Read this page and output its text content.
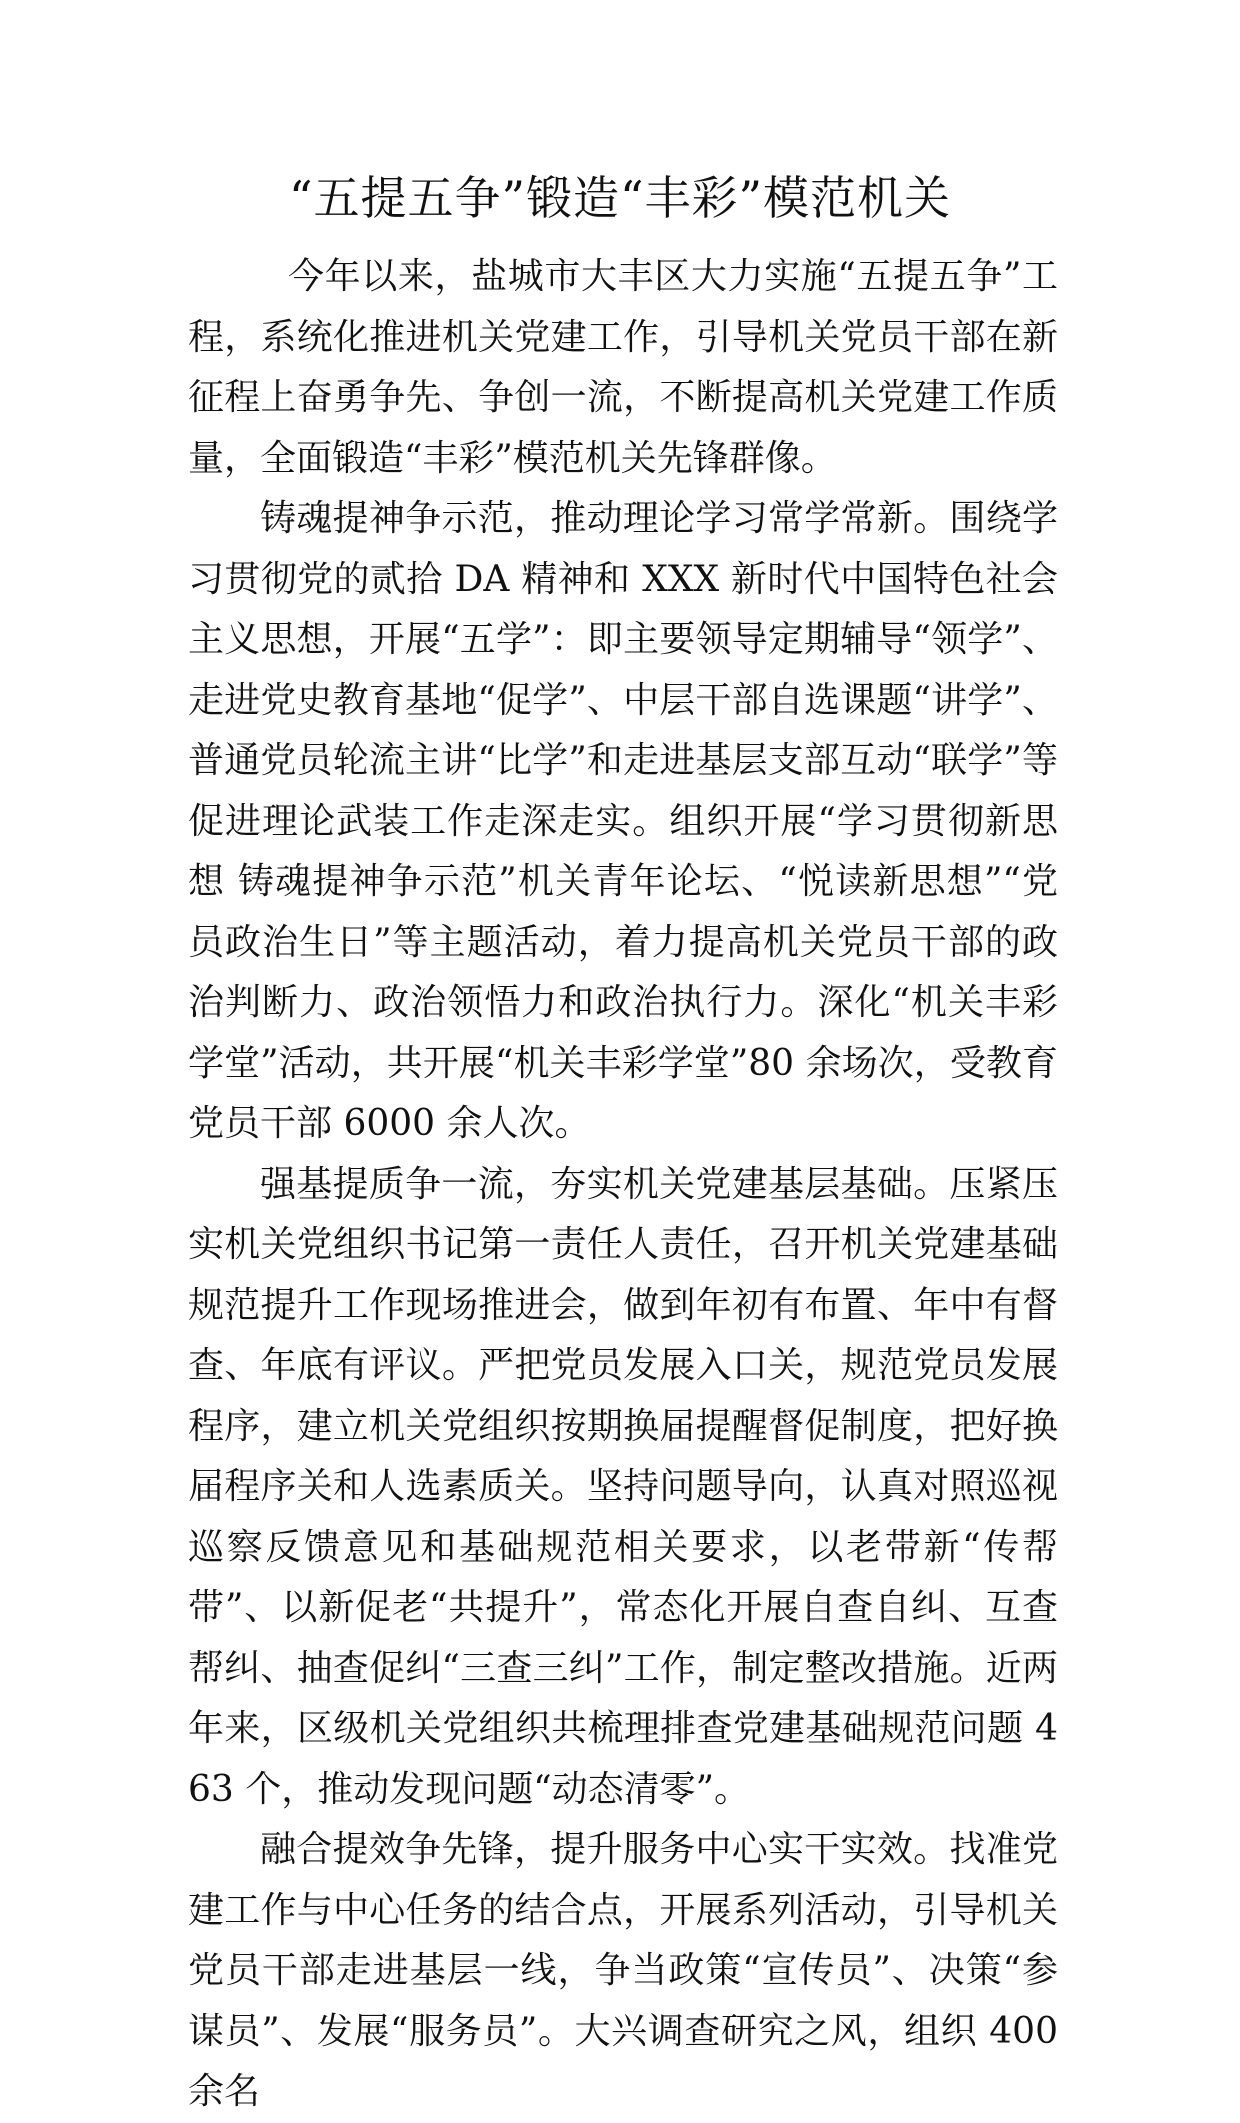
“五提五争”锻造“丰彩”模范机关

今年以来，盐城市大丰区大力实施“五提五争”工程，系统化推进机关党建工作，引导机关党员干部在新征程上奋勇争先、争创一流，不断提高机关党建工作质量，全面锻造“丰彩”模范机关先锋群像。

铸魂提神争示范，推动理论学习常学常新。围绕学习贯彻党的贰拾 DA 精神和 XXX 新时代中国特色社会主义思想，开展“五学”：即主要领导定期辅导“领学”、走进党史教育基地“促学”、中层干部自选课题“讲学”、普通党员轮流主讲“比学”和走进基层支部互动“联学”等促进理论武装工作走深走实。组织开展“学习贯彻新思想 铸魂提神争示范”机关青年论坛、“悦读新思想”“党员政治生日”等主题活动，着力提高机关党员干部的政治判断力、政治领悟力和政治执行力。深化“机关丰彩学堂”活动，共开展“机关丰彩学堂”80 余场次，受教育党员干部 6000 余人次。

强基提质争一流，夯实机关党建基层基础。压紧压实机关党组织书记第一责任人责任，召开机关党建基础规范提升工作现场推进会，做到年初有布置、年中有督查、年底有评议。严把党员发展入口关，规范党员发展程序，建立机关党组织按期换届提醒督促制度，把好换届程序关和人选素质关。坚持问题导向，认真对照巡视巡察反馈意见和基础规范相关要求，以老带新“传帮带”、以新促老“共提升”，常态化开展自查自纠、互查帮纠、抽查促纠“三查三纠”工作，制定整改措施。近两年来，区级机关党组织共梳理排查党建基础规范问题 463 个，推动发现问题“动态清零”。

融合提效争先锋，提升服务中心实干实效。找准党建工作与中心任务的结合点，开展系列活动，引导机关党员干部走进基层一线，争当政策“宣传员”、决策“参谋员”、发展“服务员”。大兴调查研究之风，组织 400 余名
